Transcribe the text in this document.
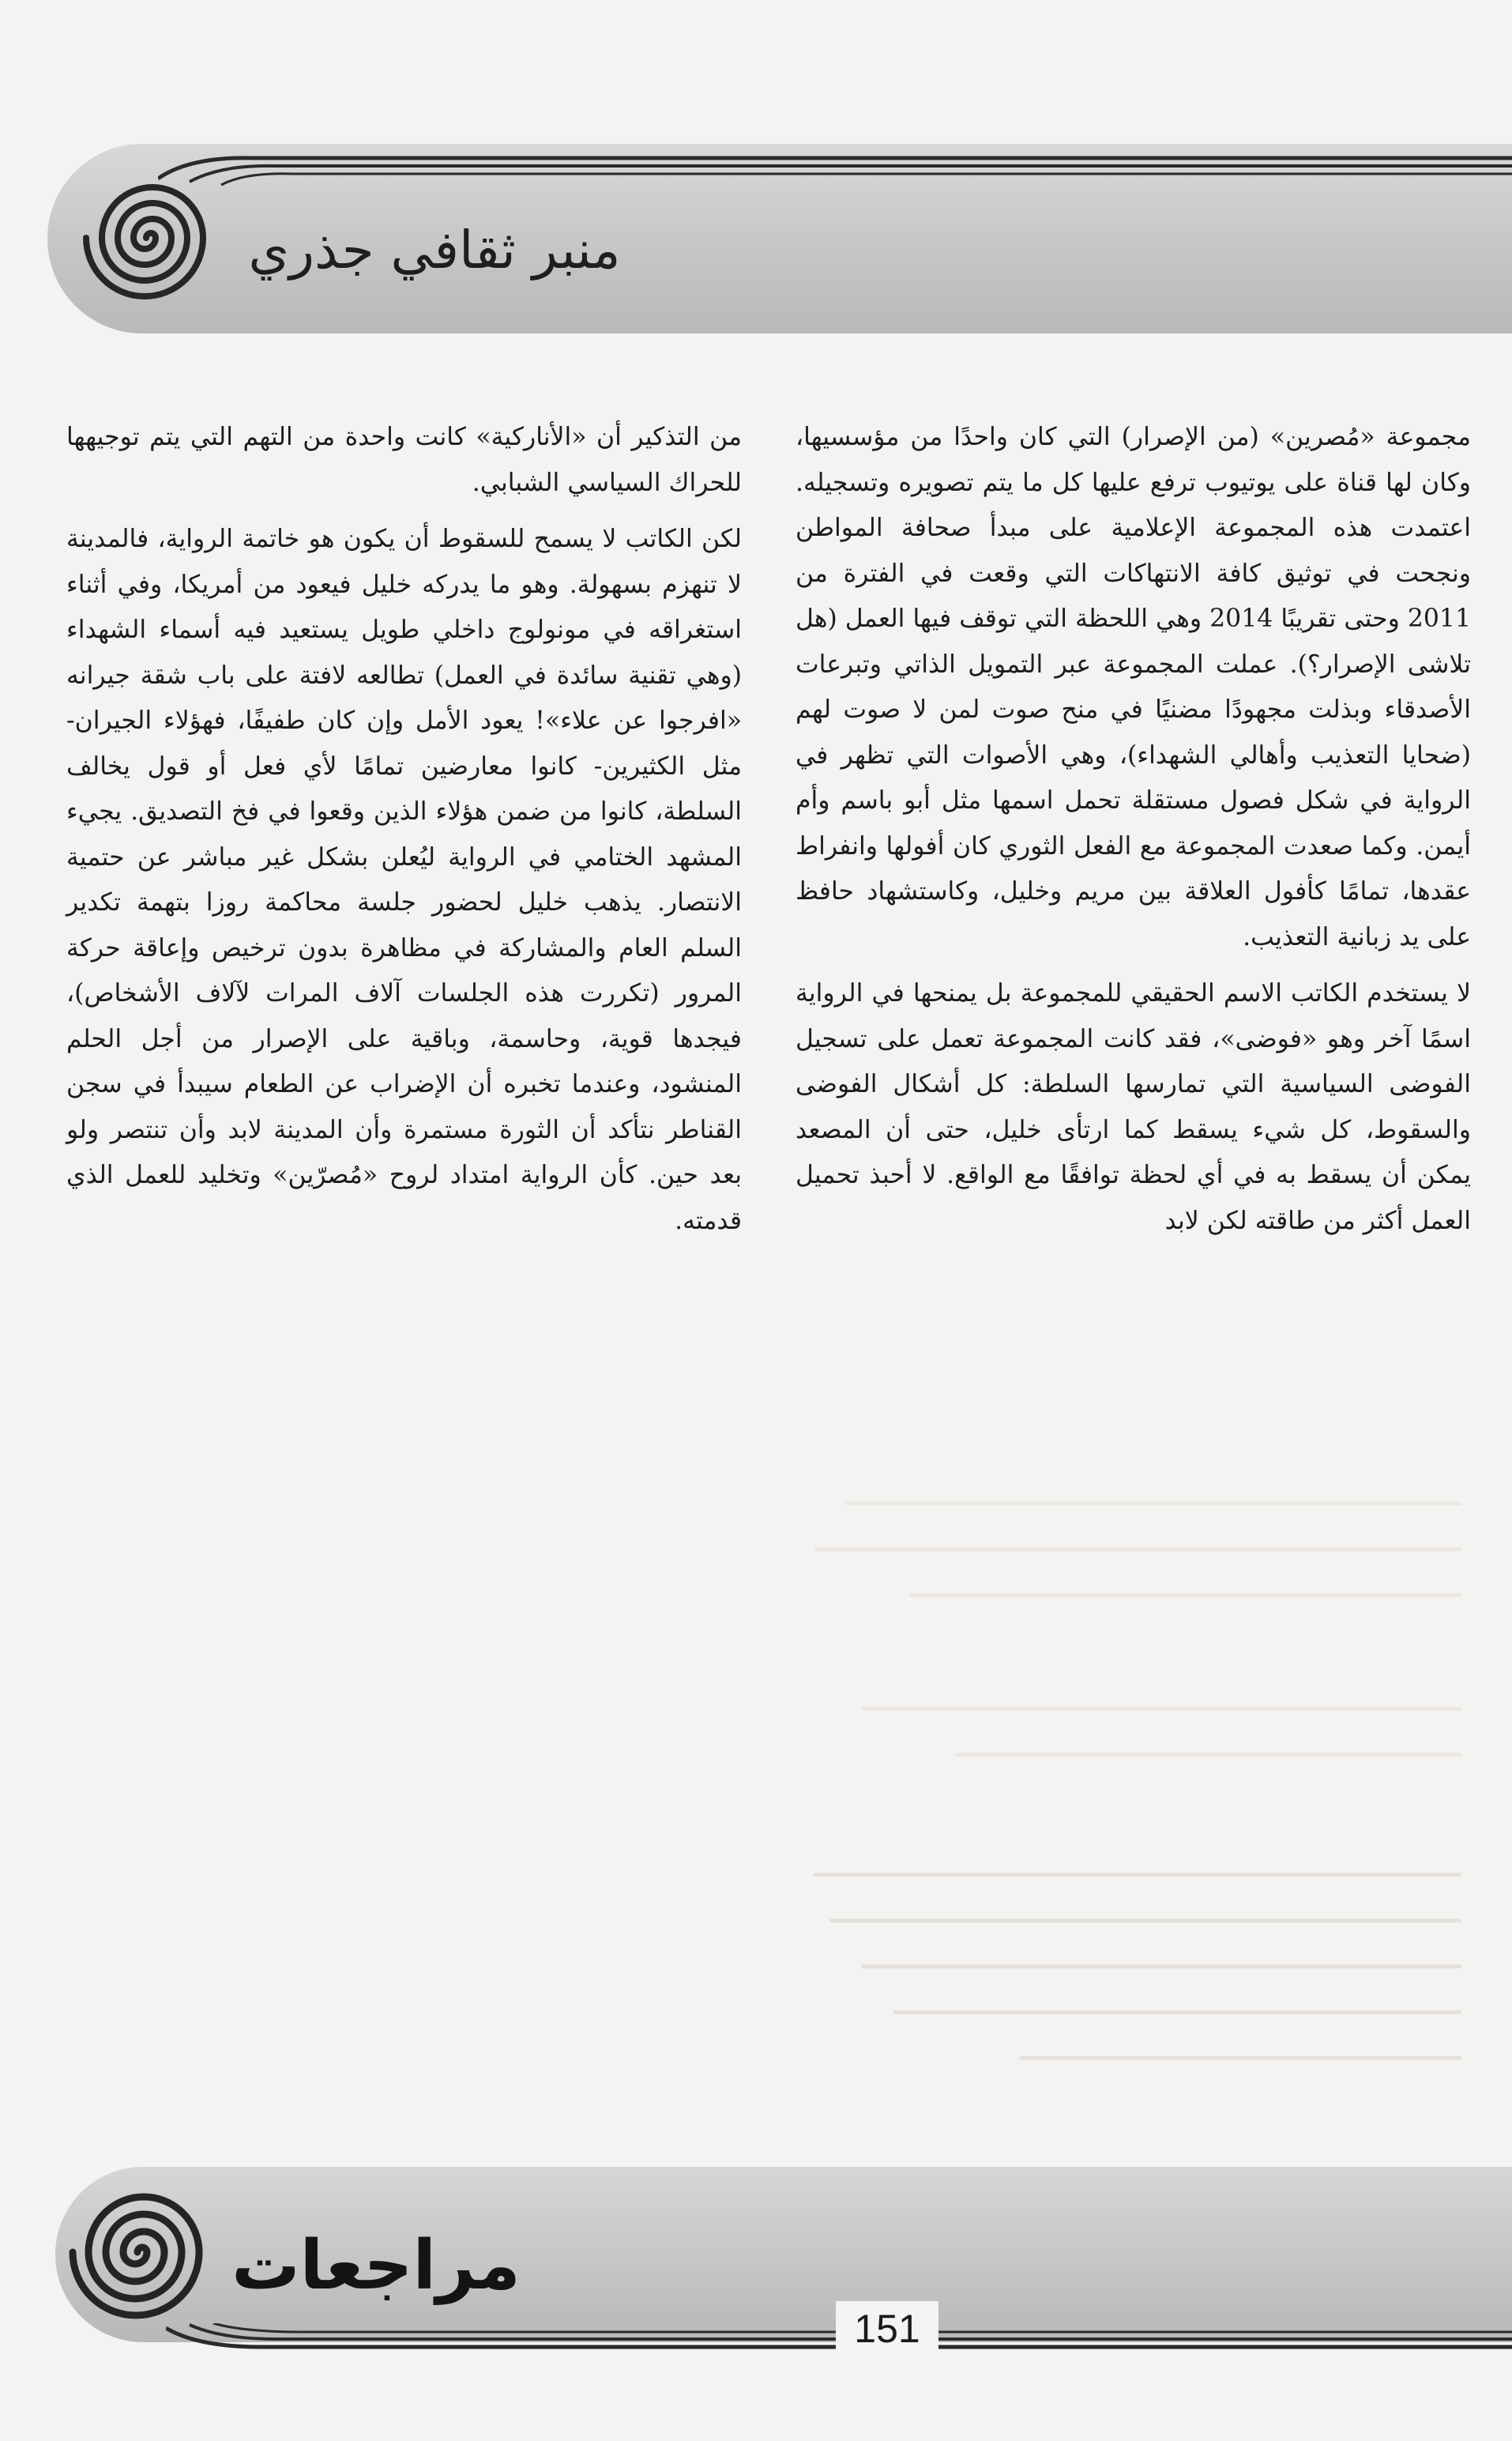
منبر ثقافي جذري

مجموعة «مُصرين» (من الإصرار) التي كان واحدًا من مؤسسيها، وكان لها قناة على يوتيوب ترفع عليها كل ما يتم تصويره وتسجيله. اعتمدت هذه المجموعة الإعلامية على مبدأ صحافة المواطن ونجحت في توثيق كافة الانتهاكات التي وقعت في الفترة من 2011 وحتى تقريبًا 2014 وهي اللحظة التي توقف فيها العمل (هل تلاشى الإصرار؟). عملت المجموعة عبر التمويل الذاتي وتبرعات الأصدقاء وبذلت مجهودًا مضنيًا في منح صوت لمن لا صوت لهم (ضحايا التعذيب وأهالي الشهداء)، وهي الأصوات التي تظهر في الرواية في شكل فصول مستقلة تحمل اسمها مثل أبو باسم وأم أيمن. وكما صعدت المجموعة مع الفعل الثوري كان أفولها وانفراط عقدها، تمامًا كأفول العلاقة بين مريم وخليل، وكاستشهاد حافظ على يد زبانية التعذيب.

لا يستخدم الكاتب الاسم الحقيقي للمجموعة بل يمنحها في الرواية اسمًا آخر وهو «فوضى»، فقد كانت المجموعة تعمل على تسجيل الفوضى السياسية التي تمارسها السلطة: كل أشكال الفوضى والسقوط، كل شيء يسقط كما ارتأى خليل، حتى أن المصعد يمكن أن يسقط به في أي لحظة توافقًا مع الواقع. لا أحبذ تحميل العمل أكثر من طاقته لكن لابد

من التذكير أن «الأناركية» كانت واحدة من التهم التي يتم توجيهها للحراك السياسي الشبابي.

لكن الكاتب لا يسمح للسقوط أن يكون هو خاتمة الرواية، فالمدينة لا تنهزم بسهولة. وهو ما يدركه خليل فيعود من أمريكا، وفي أثناء استغراقه في مونولوج داخلي طويل يستعيد فيه أسماء الشهداء (وهي تقنية سائدة في العمل) تطالعه لافتة على باب شقة جيرانه «افرجوا عن علاء»! يعود الأمل وإن كان طفيفًا، فهؤلاء الجيران- مثل الكثيرين- كانوا معارضين تمامًا لأي فعل أو قول يخالف السلطة، كانوا من ضمن هؤلاء الذين وقعوا في فخ التصديق. يجيء المشهد الختامي في الرواية ليُعلن بشكل غير مباشر عن حتمية الانتصار. يذهب خليل لحضور جلسة محاكمة روزا بتهمة تكدير السلم العام والمشاركة في مظاهرة بدون ترخيص وإعاقة حركة المرور (تكررت هذه الجلسات آلاف المرات لآلاف الأشخاص)، فيجدها قوية، وحاسمة، وباقية على الإصرار من أجل الحلم المنشود، وعندما تخبره أن الإضراب عن الطعام سيبدأ في سجن القناطر نتأكد أن الثورة مستمرة وأن المدينة لابد وأن تنتصر ولو بعد حين. كأن الرواية امتداد لروح «مُصرّين» وتخليد للعمل الذي قدمته.

مراجعات
151
